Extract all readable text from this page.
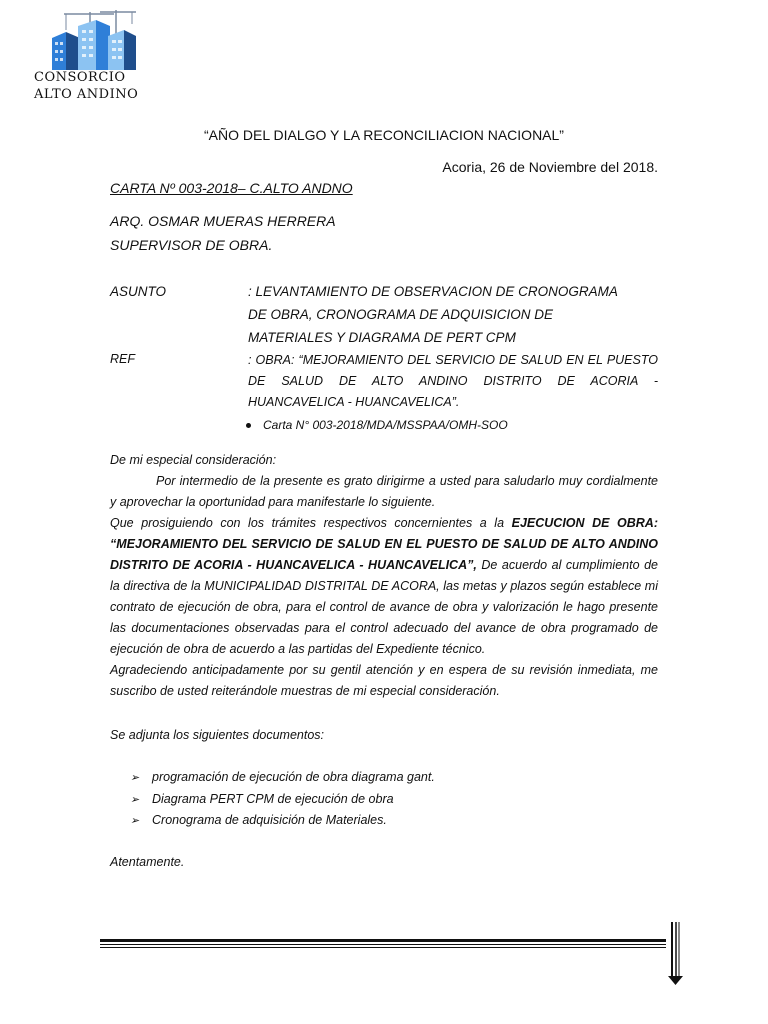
CONSORCIO
ALTO ANDINO
“AÑO DEL DIALGO Y LA RECONCILIACION NACIONAL”
Acoria, 26 de Noviembre del 2018.
CARTA Nº 003-2018– C.ALTO ANDNO
ARQ. OSMAR MUERAS HERRERA
SUPERVISOR DE OBRA.
ASUNTO	: LEVANTAMIENTO DE OBSERVACION DE CRONOGRAMA
DE OBRA, CRONOGRAMA DE ADQUISICION DE
MATERIALES Y DIAGRAMA DE PERT CPM
REF	: OBRA: “MEJORAMIENTO DEL SERVICIO DE SALUD EN EL PUESTO
DE SALUD DE ALTO ANDINO DISTRITO DE ACORIA -
HUANCAVELICA - HUANCAVELICA”.
Carta N° 003-2018/MDA/MSSPAA/OMH-SOO

De mi especial consideración:

Por intermedio de la presente es grato dirigirme a usted para saludarlo muy cordialmente y aprovechar la oportunidad para manifestarle lo siguiente.

Que prosiguiendo con los trámites respectivos concernientes a la EJECUCION DE OBRA: “MEJORAMIENTO DEL SERVICIO DE SALUD EN EL PUESTO DE SALUD DE ALTO ANDINO DISTRITO DE ACORIA - HUANCAVELICA - HUANCAVELICA”, De acuerdo al cumplimiento de la directiva de la MUNICIPALIDAD DISTRITAL DE ACORA, las metas y plazos según establece mi contrato de ejecución de obra, para el control de avance de obra y valorización le hago presente las documentaciones observadas para el control adecuado del avance de obra programado de ejecución de obra de acuerdo a las partidas del Expediente técnico.

Agradeciendo anticipadamente por su gentil atención y en espera de su revisión inmediata, me suscribo de usted reiterándole muestras de mi especial consideración.

Se adjunta los siguientes documentos:
➢ programación de ejecución de obra diagrama gant.
➢ Diagrama PERT CPM de ejecución de obra
➢ Cronograma de adquisición de Materiales.
Atentamente.
